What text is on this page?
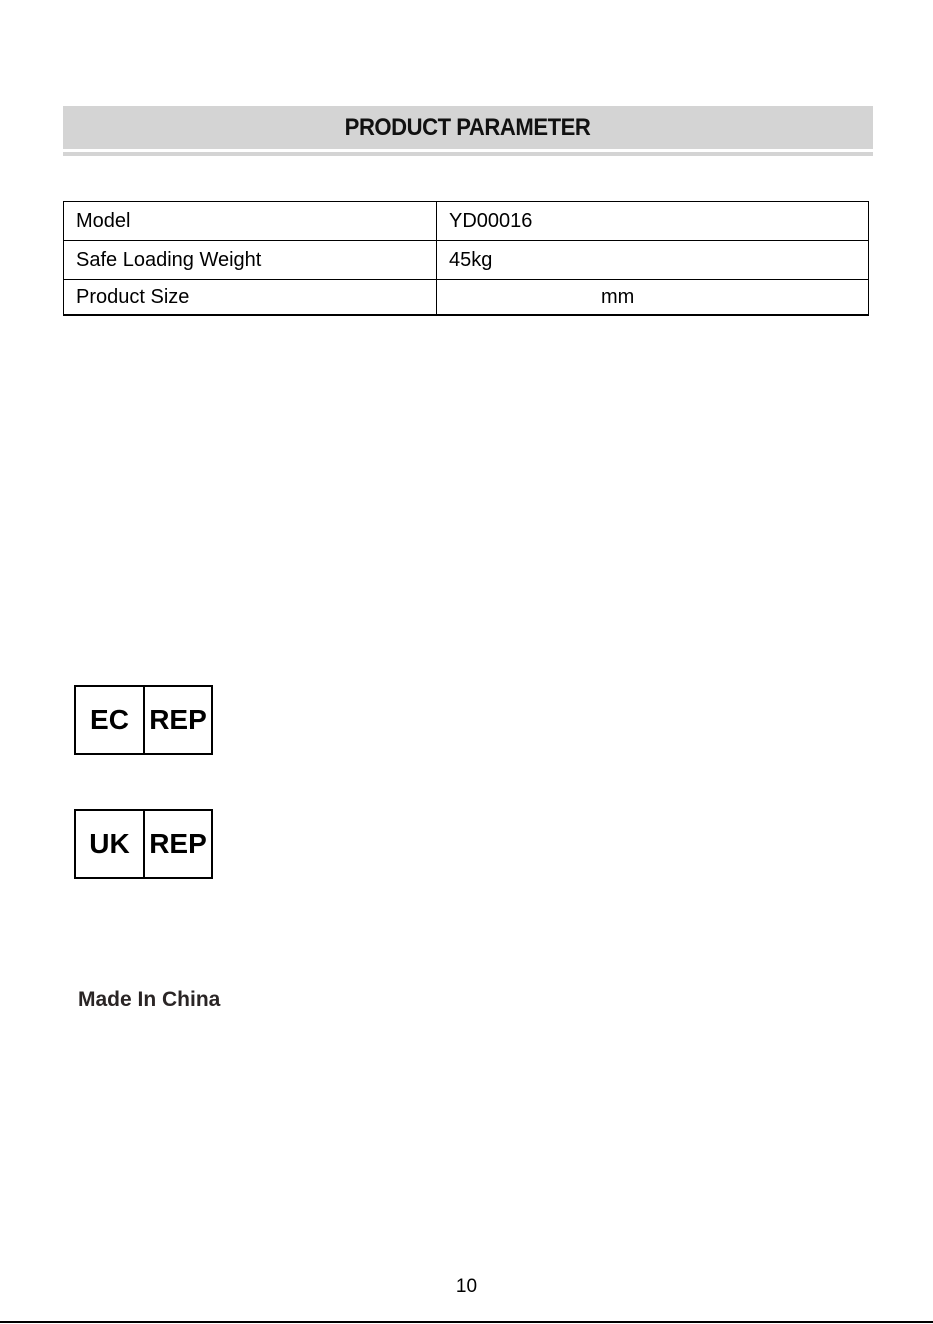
PRODUCT PARAMETER
Model	YD00016
Safe Loading Weight	45kg
Product Size	mm
EC REP
UK REP
Made In China
10
